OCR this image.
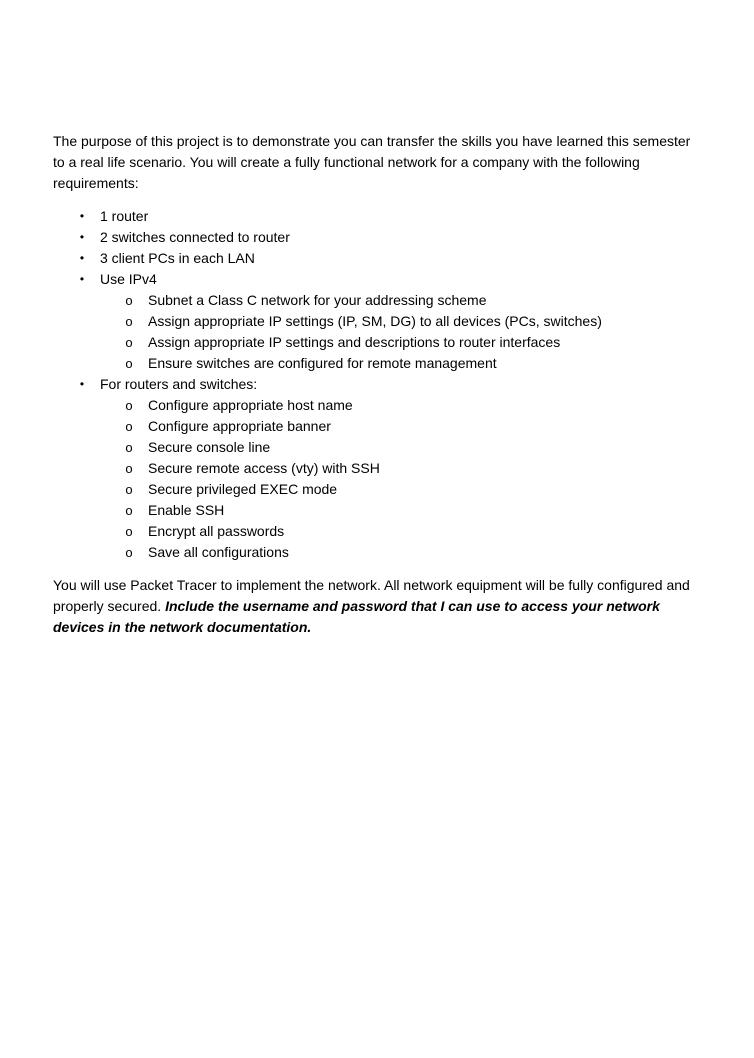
The purpose of this project is to demonstrate you can transfer the skills you have learned this semester to a real life scenario. You will create a fully functional network for a company with the following requirements:

• 1 router
• 2 switches connected to router
• 3 client PCs in each LAN
• Use IPv4
o Subnet a Class C network for your addressing scheme
o Assign appropriate IP settings (IP, SM, DG) to all devices (PCs, switches)
o Assign appropriate IP settings and descriptions to router interfaces
o Ensure switches are configured for remote management
• For routers and switches:
o Configure appropriate host name
o Configure appropriate banner
o Secure console line
o Secure remote access (vty) with SSH
o Secure privileged EXEC mode
o Enable SSH
o Encrypt all passwords
o Save all configurations

You will use Packet Tracer to implement the network. All network equipment will be fully configured and properly secured. Include the username and password that I can use to access your network devices in the network documentation.
